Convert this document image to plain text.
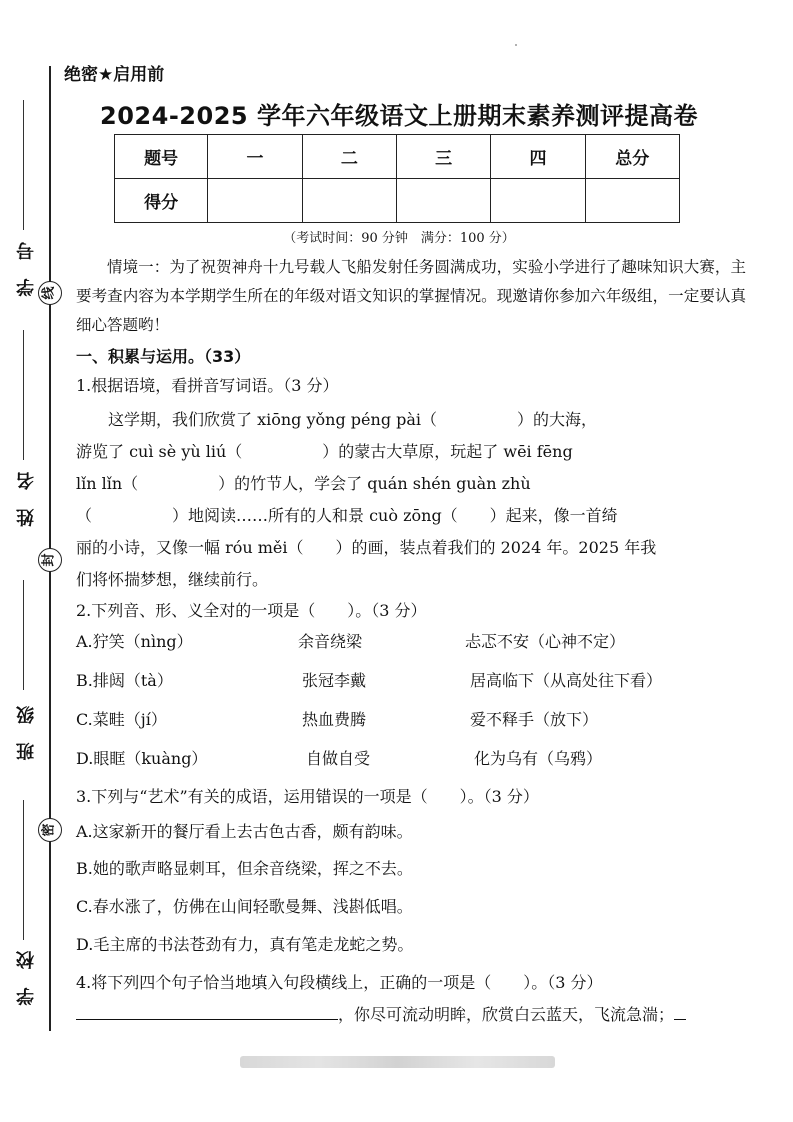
学 号 线
姓 名
封
班 级
密
学 校
绝密★启用前
2024-2025 学年六年级语文上册期末素养测评提高卷
题号	一	二	三	四	总分
得分					
（考试时间：90 分钟　满分：100 分）
情境一：为了祝贺神舟十九号载人飞船发射任务圆满成功，实验小学进行了趣味知识大赛，主要考查内容为本学期学生所在的年级对语文知识的掌握情况。现邀请你参加六年级组，一定要认真细心答题哟！
一、积累与运用。（33）
1.根据语境，看拼音写词语。（3 分）
　　这学期，我们欣赏了 xiōng yǒng péng pài（　　　　　）的大海，
游览了 cuì sè yù liú（　　　　　）的蒙古大草原，玩起了 wēi fēng
lǐn lǐn（　　　　　）的竹节人，学会了 quán shén guàn zhù
（　　　　　）地阅读……所有的人和景 cuò zōng（　　）起来，像一首绮
丽的小诗，又像一幅 róu měi（　　）的画，装点着我们的 2024 年。2025 年我
们将怀揣梦想，继续前行。
2.下列音、形、义全对的一项是（　　）。（3 分）
A.狞笑（nìng）	余音绕梁	忐忑不安（心神不定）
B.排闼（tà）	张冠李戴	居高临下（从高处往下看）
C.菜畦（jí）	热血费腾	爱不释手（放下）
D.眼眶（kuàng）	自做自受	化为乌有（乌鸦）
3.下列与“艺术”有关的成语，运用错误的一项是（　　）。（3 分）
A.这家新开的餐厅看上去古色古香，颇有韵味。
B.她的歌声略显刺耳，但余音绕梁，挥之不去。
C.春水涨了，仿佛在山间轻歌曼舞、浅斟低唱。
D.毛主席的书法苍劲有力，真有笔走龙蛇之势。
4.将下列四个句子恰当地填入句段横线上，正确的一项是（　　）。（3 分）
，你尽可流动明眸，欣赏白云蓝天，飞流急湍；
